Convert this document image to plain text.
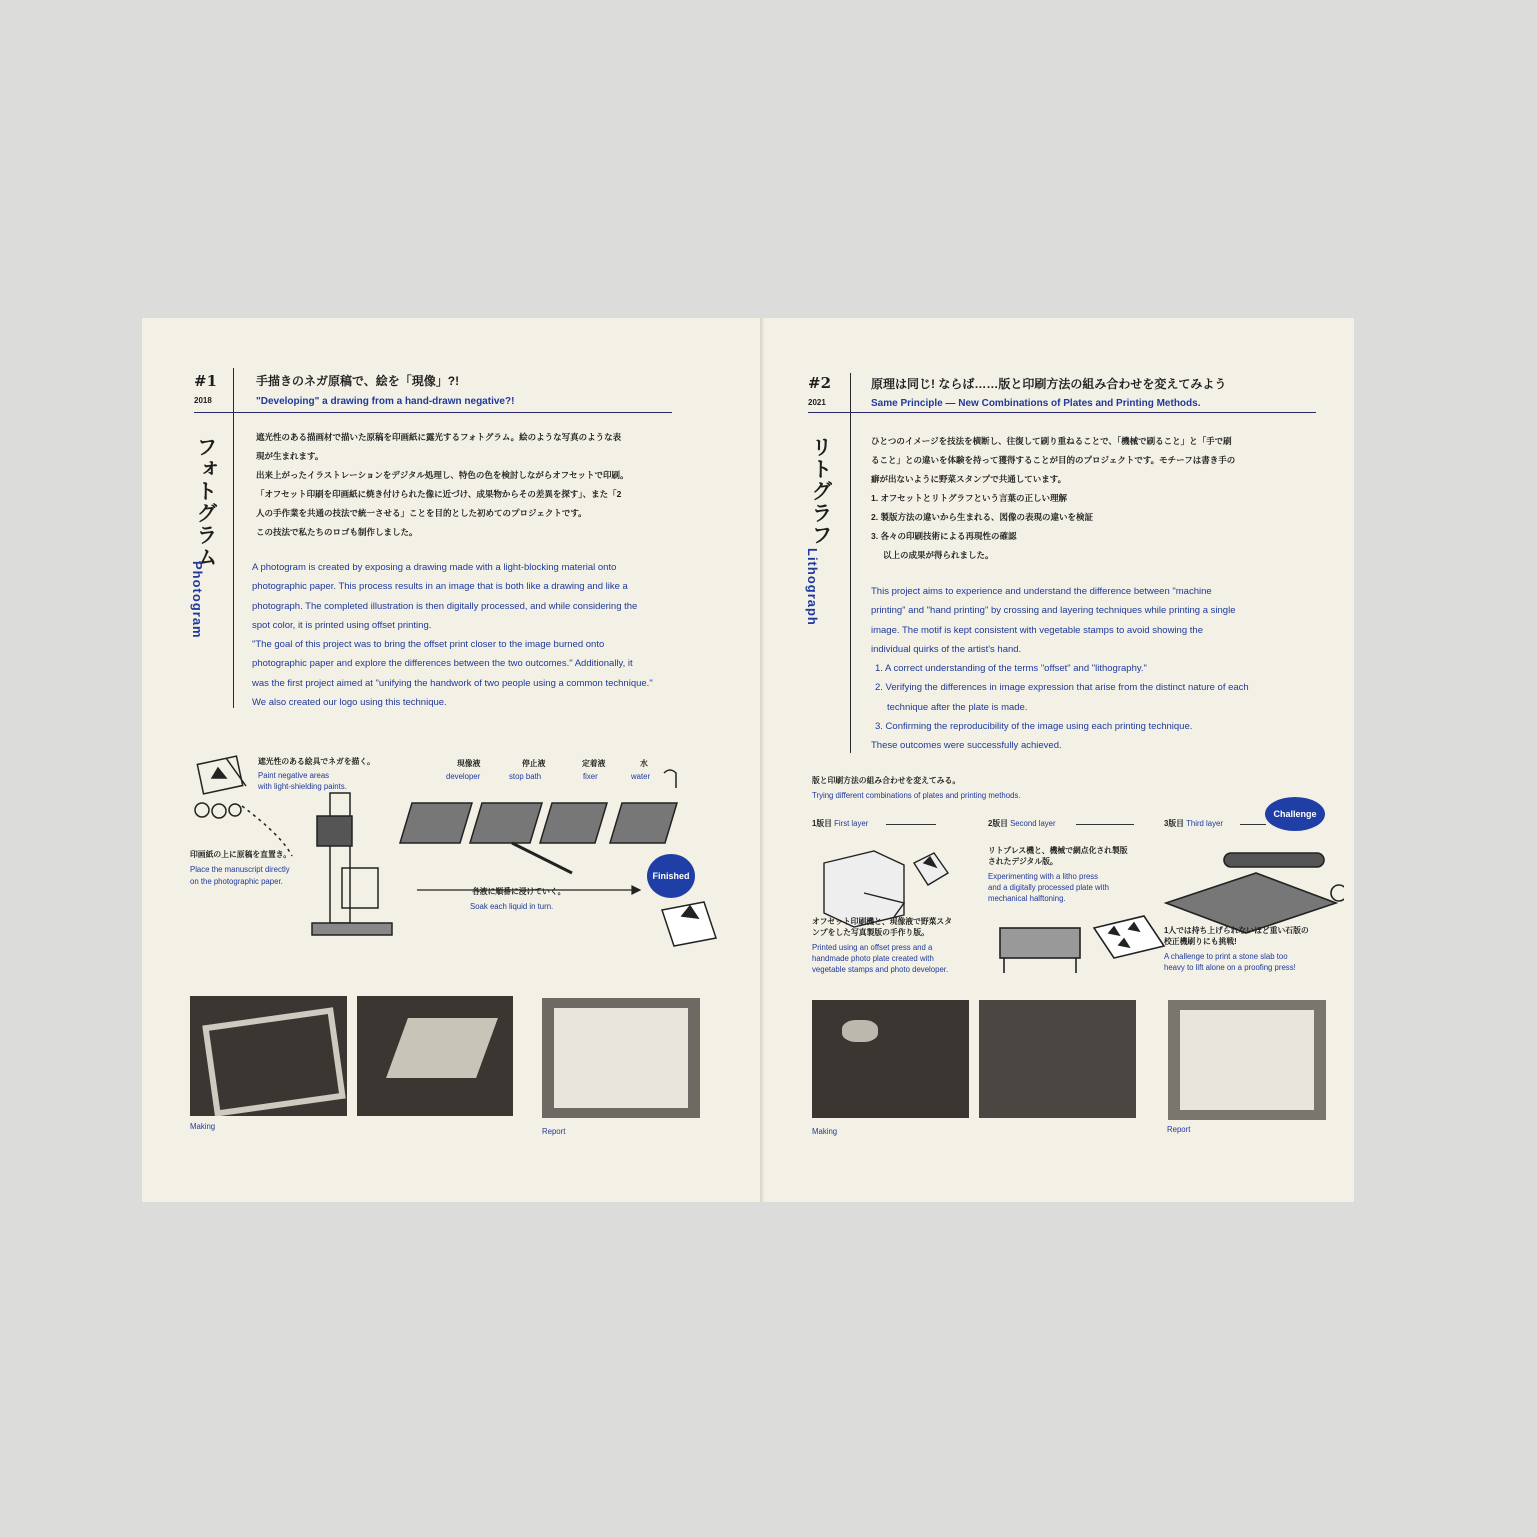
#1
2018
手描きのネガ原稿で、絵を「現像」?!
"Developing" a drawing from a hand-drawn negative?!
フォトグラム
Photogram
遮光性のある描画材で描いた原稿を印画紙に露光するフォトグラム。絵のような写真のような表
現が生まれます。
出来上がったイラストレーションをデジタル処理し、特色の色を検討しながらオフセットで印刷。
「オフセット印刷を印画紙に焼き付けられた像に近づけ、成果物からその差異を探す」、また「2
人の手作業を共通の技法で統一させる」ことを目的とした初めてのプロジェクトです。
この技法で私たちのロゴも制作しました。
A photogram is created by exposing a drawing made with a light-blocking material onto
photographic paper. This process results in an image that is both like a drawing and like a
photograph. The completed illustration is then digitally processed, and while considering the
spot color, it is printed using offset printing.
"The goal of this project was to bring the offset print closer to the image burned onto
photographic paper and explore the differences between the two outcomes." Additionally, it
was the first project aimed at "unifying the handwork of two people using a common technique."
We also created our logo using this technique.
遮光性のある絵具でネガを描く。
Paint negative areas
with light-shielding paints.
印画紙の上に原稿を直置き。
Place the manuscript directly
on the photographic paper.
現像液
developer
停止液
stop bath
定着液
fixer
水
water
各液に順番に浸けていく。
Soak each liquid in turn.
Finished
Making
Report
#2
2021
原理は同じ! ならば……版と印刷方法の組み合わせを変えてみよう
Same Principle — New Combinations of Plates and Printing Methods.
リトグラフ
Lithograph
ひとつのイメージを技法を横断し、往復して刷り重ねることで、「機械で刷ること」と「手で刷
ること」との違いを体験を持って獲得することが目的のプロジェクトです。モチーフは書き手の
癖が出ないように野菜スタンプで共通しています。
1. オフセットとリトグラフという言葉の正しい理解
2. 製版方法の違いから生まれる、図像の表現の違いを検証
3. 各々の印刷技術による再現性の確認
以上の成果が得られました。
This project aims to experience and understand the difference between "machine
printing" and "hand printing" by crossing and layering techniques while printing a single
image. The motif is kept consistent with vegetable stamps to avoid showing the
individual quirks of the artist's hand.
1. A correct understanding of the terms "offset" and "lithography."
2. Verifying the differences in image expression that arise from the distinct nature of each
technique after the plate is made.
3. Confirming the reproducibility of the image using each printing technique.
These outcomes were successfully achieved.
版と印刷方法の組み合わせを変えてみる。
Trying different combinations of plates and printing methods.
1版目 First layer	2版目 Second layer	3版目 Third layer
Challenge
リトプレス機と、機械で網点化され製版
されたデジタル版。
Experimenting with a litho press
and a digitally processed plate with
mechanical halftoning.
オフセット印刷機と、現像液で野菜スタ
ンプをした写真製版の手作り版。
Printed using an offset press and a
handmade photo plate created with
vegetable stamps and photo developer.
1人では持ち上げられないほど重い石版の
校正機刷りにも挑戦!
A challenge to print a stone slab too
heavy to lift alone on a proofing press!
Making	Report
